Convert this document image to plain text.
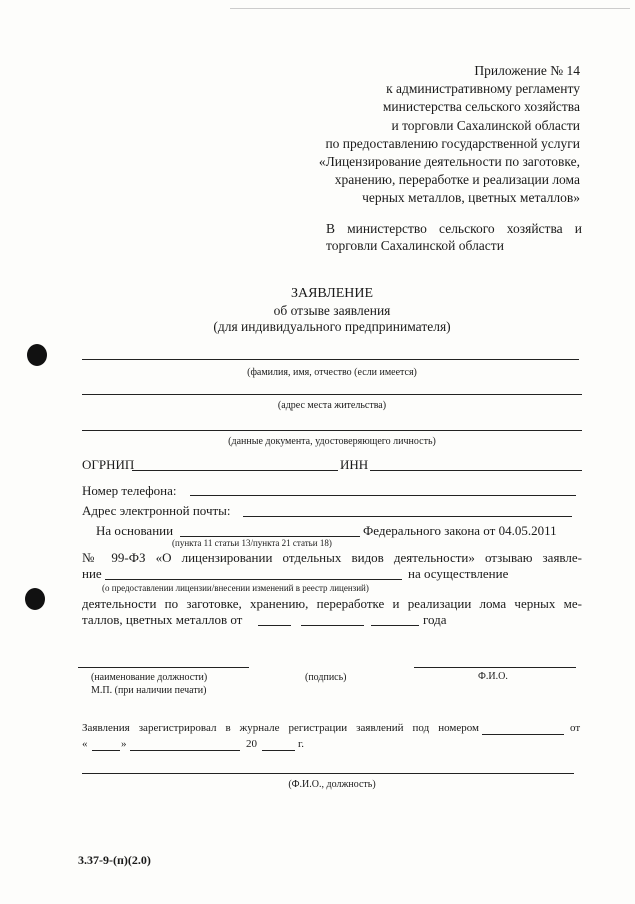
Приложение № 14
к административному регламенту
министерства сельского хозяйства
и торговли Сахалинской области
по предоставлению государственной услуги
«Лицензирование деятельности по заготовке,
хранению, переработке и реализации лома
черных металлов, цветных металлов»
В министерство сельского хозяйства и
торговли Сахалинской области
ЗАЯВЛЕНИЕ
об отзыве заявления
(для индивидуального предпринимателя)
(фамилия, имя, отчество (если имеется)
(адрес места жительства)
(данные документа, удостоверяющего личность)
ОГРНИП	ИНН
Номер телефона:
Адрес электронной почты:
На основании	Федерального закона от 04.05.2011
(пункта 11 статьи 13/пункта 21 статьи 18)
№ 99-ФЗ «О лицензировании отдельных видов деятельности» отзываю заявле-
ние	на осуществление
(о предоставлении лицензии/внесении изменений в реестр лицензий)
деятельности по заготовке, хранению, переработке и реализации лома черных ме-
таллов, цветных металлов от	года
(наименование должности)	(подпись)	Ф.И.О.
М.П. (при наличии печати)
Заявления зарегистрировал в журнале регистрации заявлений под номером	от
«	»	20	г.
(Ф.И.О., должность)
3.37-9-(п)(2.0)
